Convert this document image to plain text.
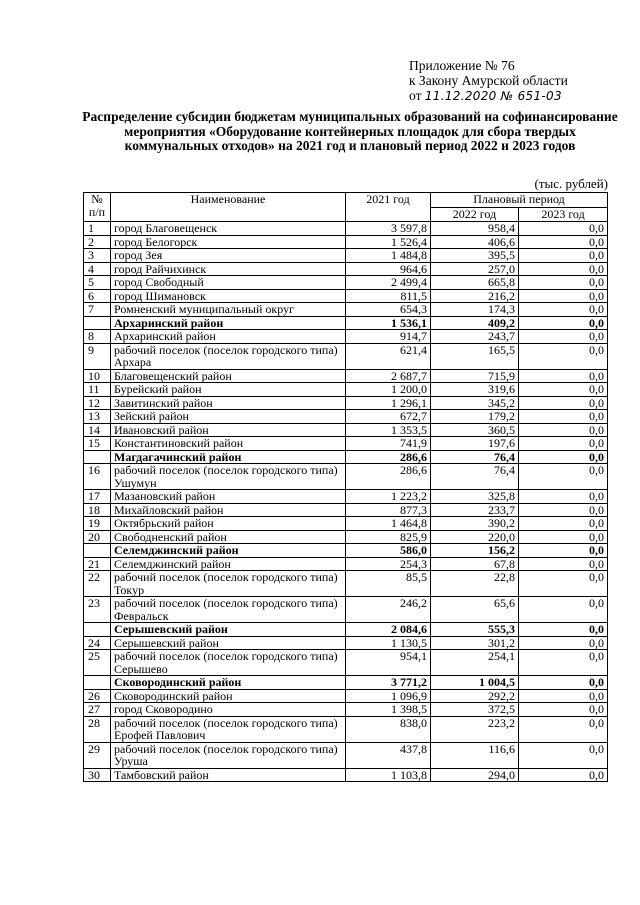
Приложение № 76
к Закону Амурской области
от 11.12.2020 № 651-03
Распределение субсидии бюджетам муниципальных образований на софинансирование мероприятия «Оборудование контейнерных площадок для сбора твердых коммунальных отходов» на 2021 год и плановый период 2022 и 2023 годов
(тыс. рублей)
№
п/п	Наименование	2021 год	Плановый период	
			2022 год	2023 год
1	город Благовещенск	3 597,8	958,4	0,0
2	город Белогорск	1 526,4	406,6	0,0
3	город Зея	1 484,8	395,5	0,0
4	город Райчихинск	964,6	257,0	0,0
5	город Свободный	2 499,4	665,8	0,0
6	город Шимановск	811,5	216,2	0,0
7	Ромненский муниципальный округ	654,3	174,3	0,0
	Архаринский район	1 536,1	409,2	0,0
8	Архаринский район	914,7	243,7	0,0
9	рабочий поселок (поселок городского типа) Архара	621,4	165,5	0,0
10	Благовещенский район	2 687,7	715,9	0,0
11	Бурейский район	1 200,0	319,6	0,0
12	Завитинский район	1 296,1	345,2	0,0
13	Зейский район	672,7	179,2	0,0
14	Ивановский район	1 353,5	360,5	0,0
15	Константиновский район	741,9	197,6	0,0
	Магдагачинский район	286,6	76,4	0,0
16	рабочий поселок (поселок городского типа) Ушумун	286,6	76,4	0,0
17	Мазановский район	1 223,2	325,8	0,0
18	Михайловский район	877,3	233,7	0,0
19	Октябрьский район	1 464,8	390,2	0,0
20	Свободненский район	825,9	220,0	0,0
	Селемджинский район	586,0	156,2	0,0
21	Селемджинский район	254,3	67,8	0,0
22	рабочий поселок (поселок городского типа) Токур	85,5	22,8	0,0
23	рабочий поселок (поселок городского типа) Февральск	246,2	65,6	0,0
	Серышевский район	2 084,6	555,3	0,0
24	Серышевский район	1 130,5	301,2	0,0
25	рабочий поселок (поселок городского типа) Серышево	954,1	254,1	0,0
	Сковородинский район	3 771,2	1 004,5	0,0
26	Сковородинский район	1 096,9	292,2	0,0
27	город Сковородино	1 398,5	372,5	0,0
28	рабочий поселок (поселок городского типа) Ерофей Павлович	838,0	223,2	0,0
29	рабочий поселок (поселок городского типа) Уруша	437,8	116,6	0,0
30	Тамбовский район	1 103,8	294,0	0,0
